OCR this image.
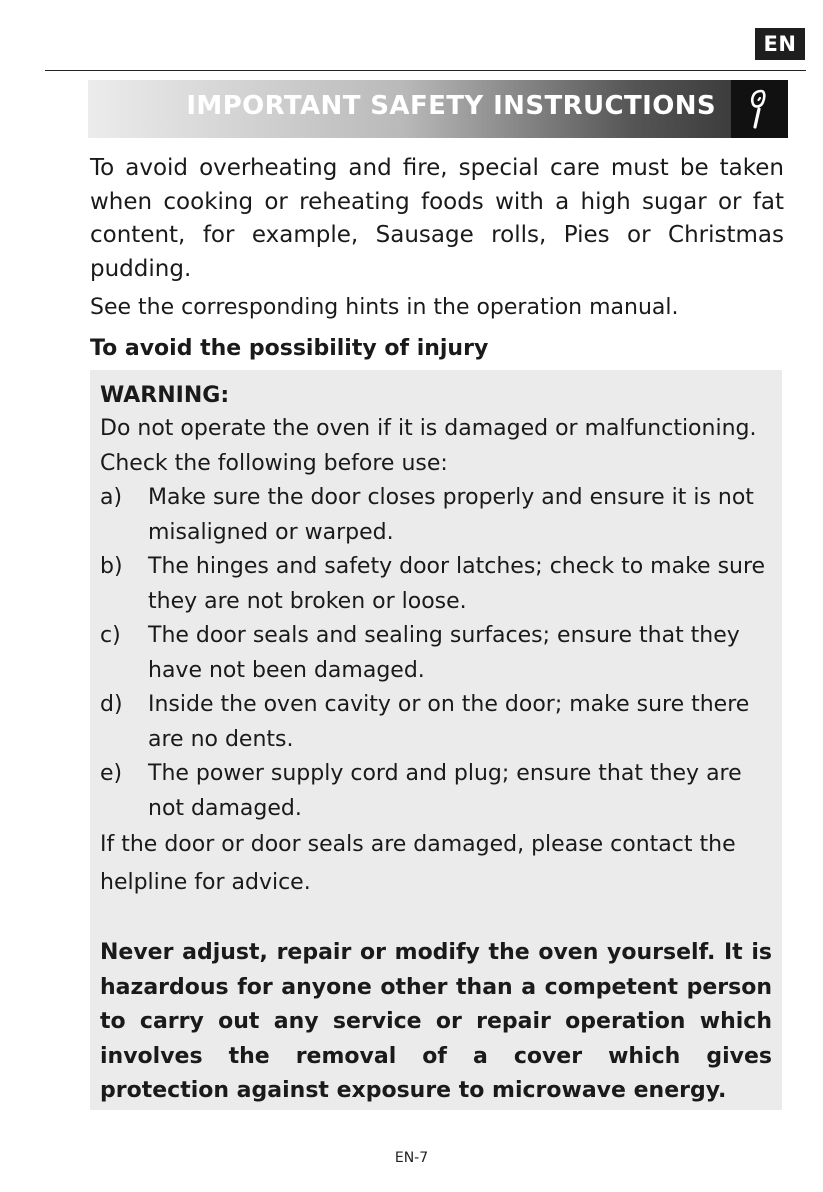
EN
IMPORTANT SAFETY INSTRUCTIONS

To avoid overheating and fire, special care must be taken when cooking or reheating foods with a high sugar or fat content, for example, Sausage rolls, Pies or Christmas pudding.

See the corresponding hints in the operation manual.

To avoid the possibility of injury

WARNING:

Do not operate the oven if it is damaged or malfunctioning. Check the following before use:

a) Make sure the door closes properly and ensure it is not misaligned or warped.
b) The hinges and safety door latches; check to make sure they are not broken or loose.
c) The door seals and sealing surfaces; ensure that they have not been damaged.
d) Inside the oven cavity or on the door; make sure there are no dents.
e) The power supply cord and plug; ensure that they are not damaged.

If the door or door seals are damaged, please contact the helpline for advice.

Never adjust, repair or modify the oven yourself. It is hazardous for anyone other than a competent person to carry out any service or repair operation which involves the removal of a cover which gives protection against exposure to microwave energy.

EN-7
